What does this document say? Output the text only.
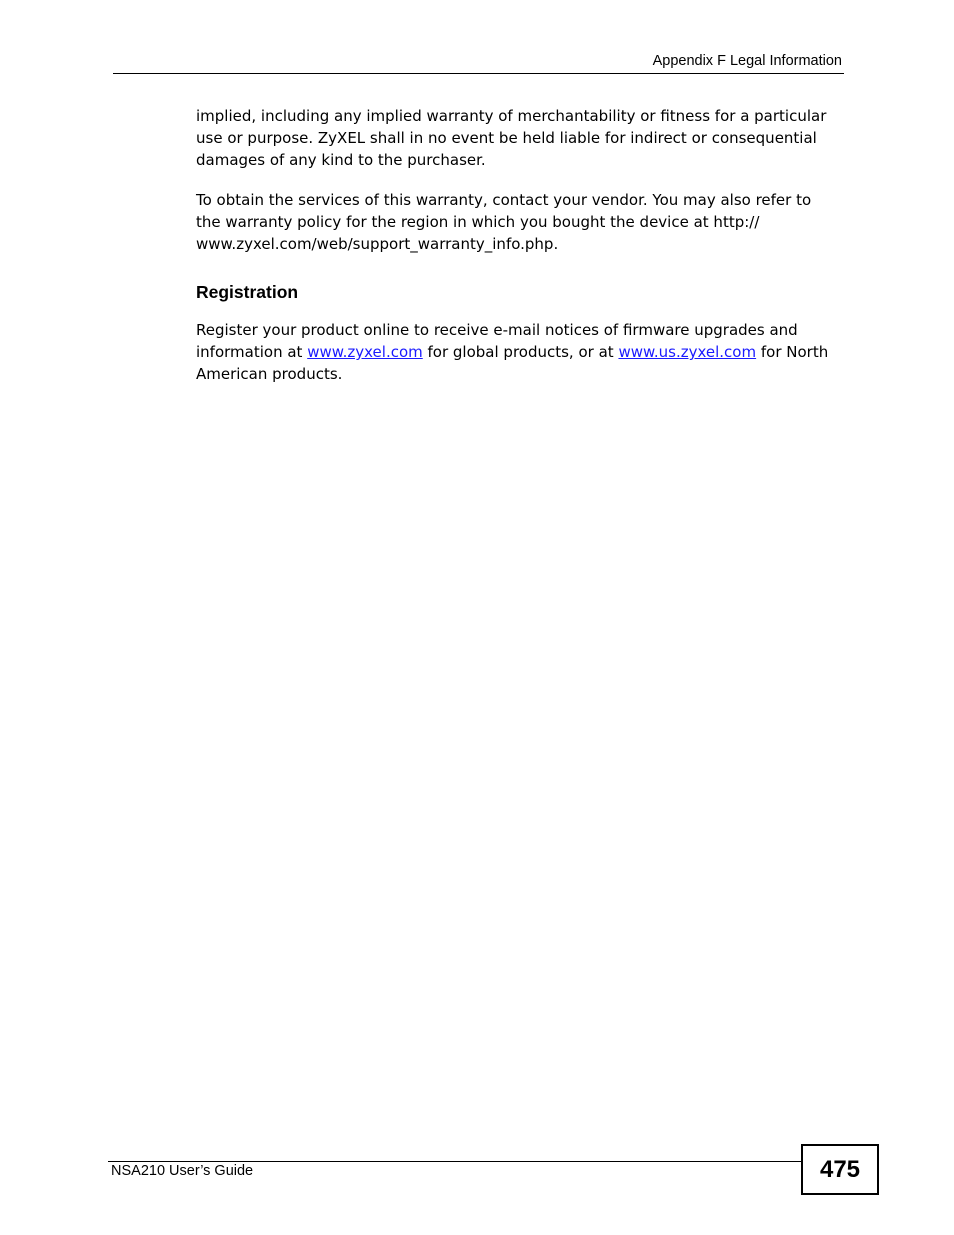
Appendix F Legal Information

implied, including any implied warranty of merchantability or fitness for a particular use or purpose. ZyXEL shall in no event be held liable for indirect or consequential damages of any kind to the purchaser.

To obtain the services of this warranty, contact your vendor. You may also refer to
the warranty policy for the region in which you bought the device at http://
www.zyxel.com/web/support_warranty_info.php.

Registration

Register your product online to receive e-mail notices of firmware upgrades and information at www.zyxel.com for global products, or at www.us.zyxel.com for North American products.

NSA210 User’s Guide	475
